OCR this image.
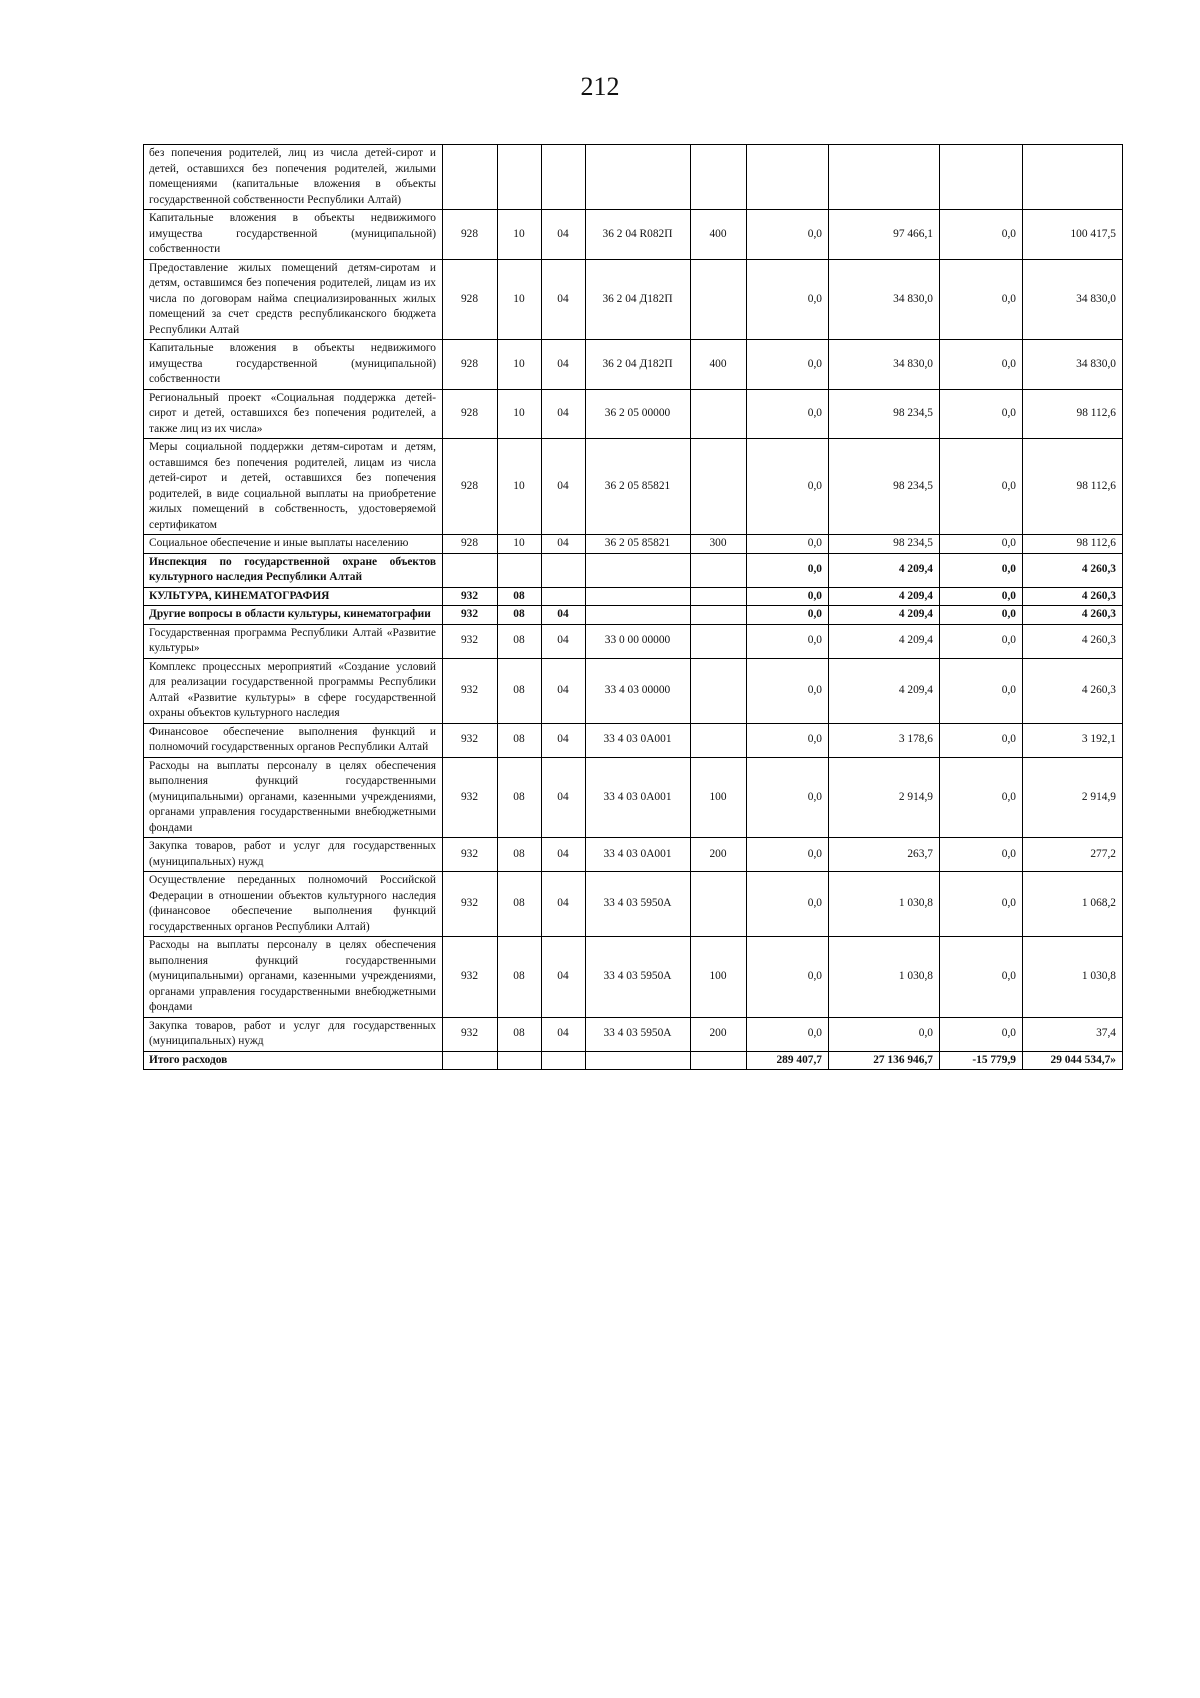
212
без попечения родителей, лиц из числа детей-сирот и детей, оставшихся без попечения родителей, жилыми помещениями (капитальные вложения в объекты государственной собственности Республики Алтай)									
Капитальные вложения в объекты недвижимого имущества государственной (муниципальной) собственности	928	10	04	36 2 04 R082П	400	0,0	97 466,1	0,0	100 417,5
Предоставление жилых помещений детям-сиротам и детям, оставшимся без попечения родителей, лицам из их числа по договорам найма специализированных жилых помещений за счет средств республиканского бюджета Республики Алтай	928	10	04	36 2 04 Д182П		0,0	34 830,0	0,0	34 830,0
Капитальные вложения в объекты недвижимого имущества государственной (муниципальной) собственности	928	10	04	36 2 04 Д182П	400	0,0	34 830,0	0,0	34 830,0
Региональный проект «Социальная поддержка детей-сирот и детей, оставшихся без попечения родителей, а также лиц из их числа»	928	10	04	36 2 05 00000		0,0	98 234,5	0,0	98 112,6
Меры социальной поддержки детям-сиротам и детям, оставшимся без попечения родителей, лицам из числа детей-сирот и детей, оставшихся без попечения родителей, в виде социальной выплаты на приобретение жилых помещений в собственность, удостоверяемой сертификатом	928	10	04	36 2 05 85821		0,0	98 234,5	0,0	98 112,6
Социальное обеспечение и иные выплаты населению	928	10	04	36 2 05 85821	300	0,0	98 234,5	0,0	98 112,6
Инспекция по государственной охране объектов культурного наследия Республики Алтай						0,0	4 209,4	0,0	4 260,3
КУЛЬТУРА, КИНЕМАТОГРАФИЯ	932	08				0,0	4 209,4	0,0	4 260,3
Другие вопросы в области культуры, кинематографии	932	08	04			0,0	4 209,4	0,0	4 260,3
Государственная программа Республики Алтай «Развитие культуры»	932	08	04	33 0 00 00000		0,0	4 209,4	0,0	4 260,3
Комплекс процессных мероприятий «Создание условий для реализации государственной программы Республики Алтай «Развитие культуры» в сфере государственной охраны объектов культурного наследия	932	08	04	33 4 03 00000		0,0	4 209,4	0,0	4 260,3
Финансовое обеспечение выполнения функций и полномочий государственных органов Республики Алтай	932	08	04	33 4 03 0А001		0,0	3 178,6	0,0	3 192,1
Расходы на выплаты персоналу в целях обеспечения выполнения функций государственными (муниципальными) органами, казенными учреждениями, органами управления государственными внебюджетными фондами	932	08	04	33 4 03 0А001	100	0,0	2 914,9	0,0	2 914,9
Закупка товаров, работ и услуг для государственных (муниципальных) нужд	932	08	04	33 4 03 0А001	200	0,0	263,7	0,0	277,2
Осуществление переданных полномочий Российской Федерации в отношении объектов культурного наследия (финансовое обеспечение выполнения функций государственных органов Республики Алтай)	932	08	04	33 4 03 5950А		0,0	1 030,8	0,0	1 068,2
Расходы на выплаты персоналу в целях обеспечения выполнения функций государственными (муниципальными) органами, казенными учреждениями, органами управления государственными внебюджетными фондами	932	08	04	33 4 03 5950А	100	0,0	1 030,8	0,0	1 030,8
Закупка товаров, работ и услуг для государственных (муниципальных) нужд	932	08	04	33 4 03 5950А	200	0,0	0,0	0,0	37,4
Итого расходов						289 407,7	27 136 946,7	-15 779,9	29 044 534,7»
